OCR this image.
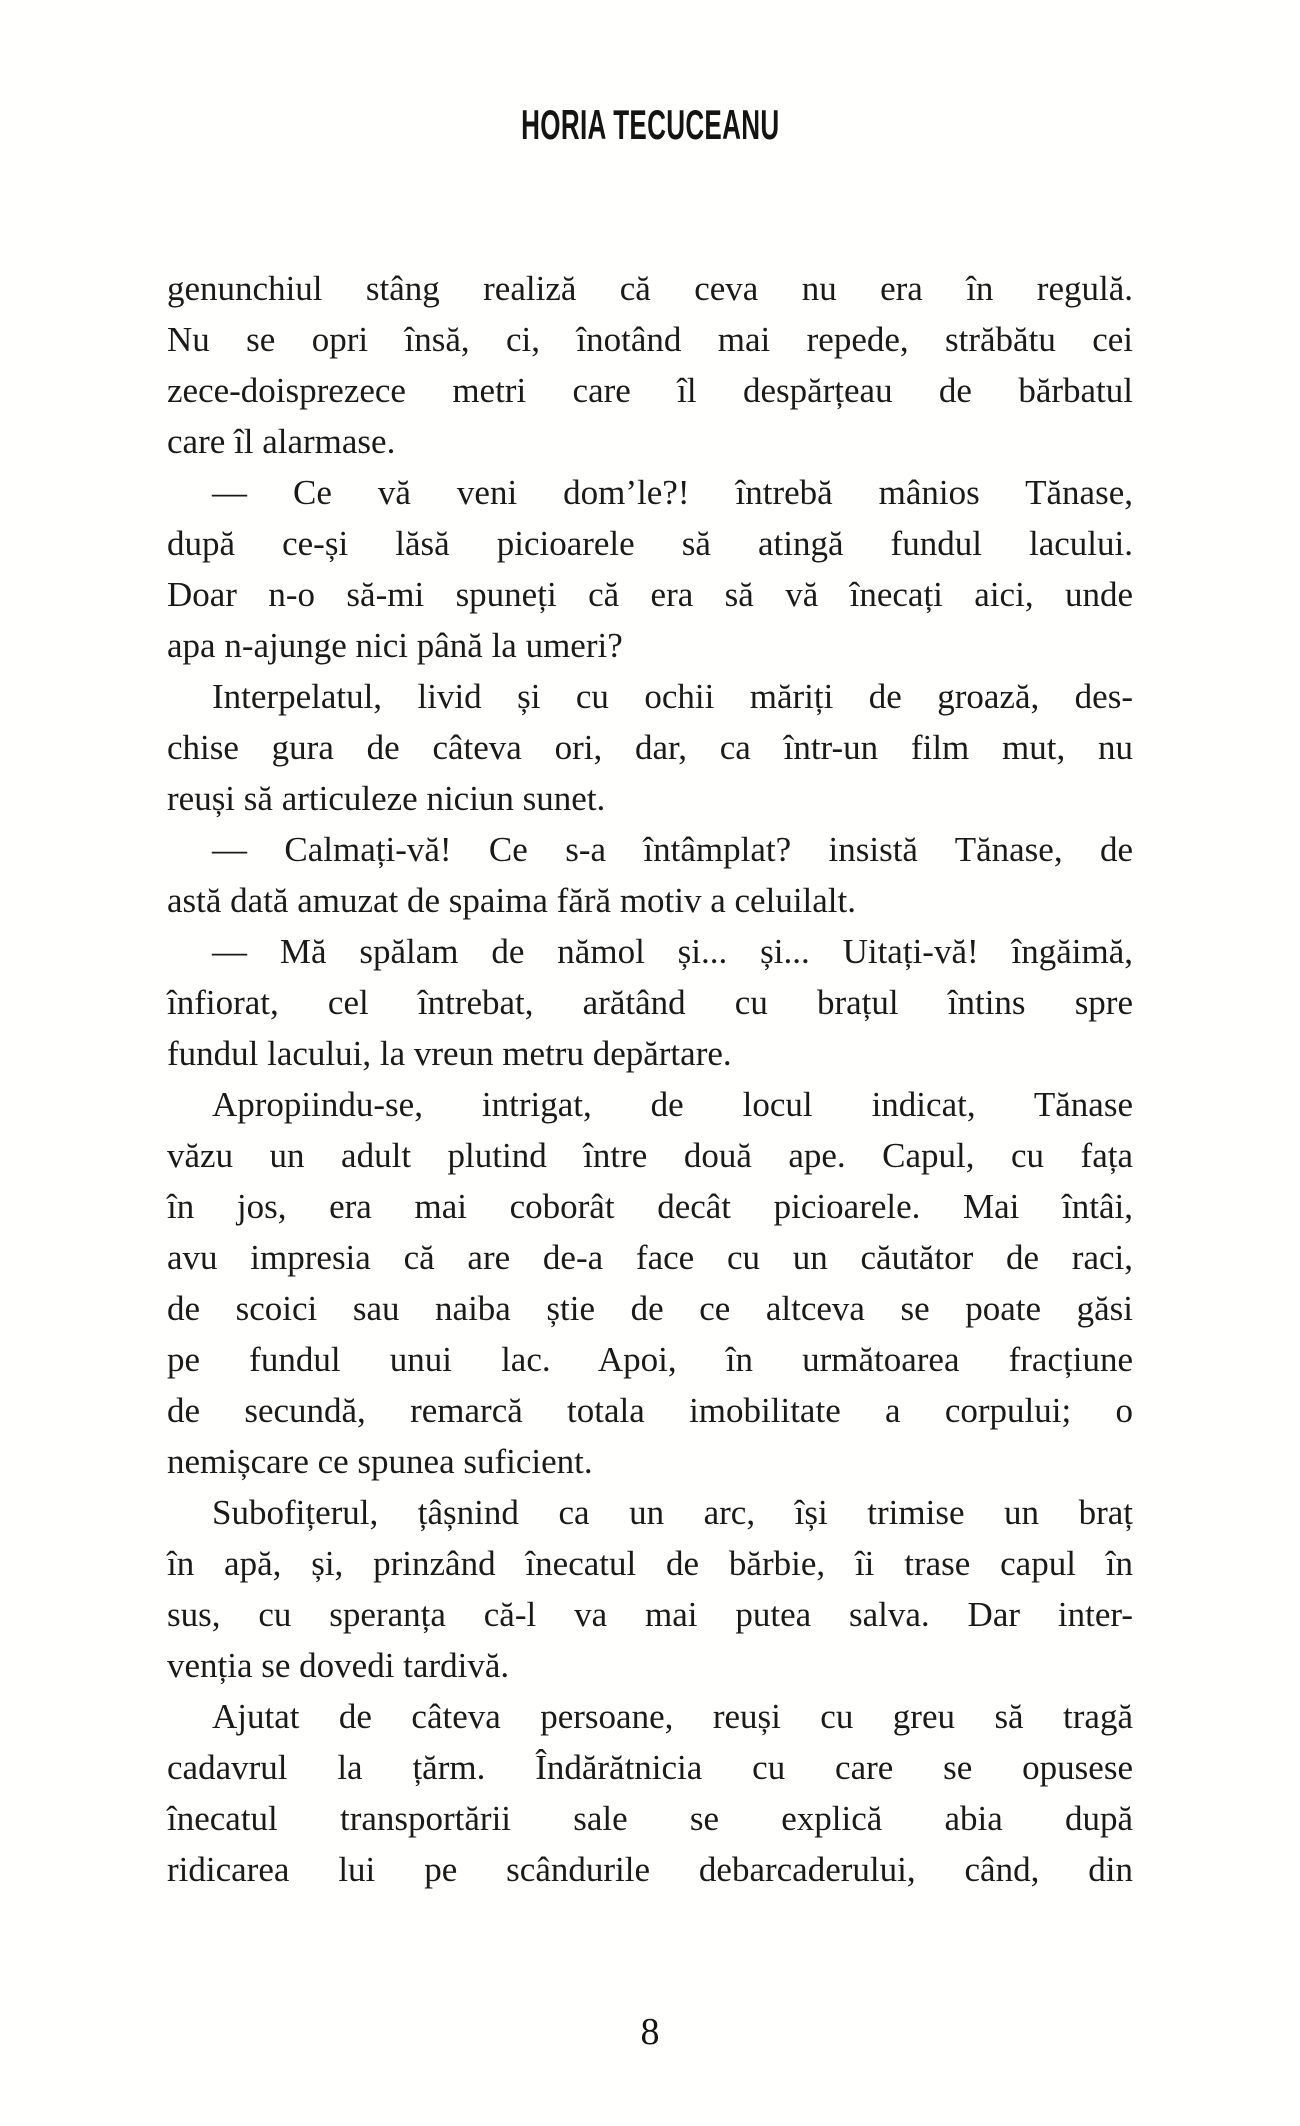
HORIA TECUCEANU
genunchiul stâng realiză că ceva nu era în regulă.
Nu se opri însă, ci, înotând mai repede, străbătu cei
zece-doisprezece metri care îl despărțeau de bărbatul
care îl alarmase.
— Ce vă veni dom’le?! întrebă mânios Tănase,
după ce-și lăsă picioarele să atingă fundul lacului.
Doar n-o să-mi spuneți că era să vă înecați aici, unde
apa n-ajunge nici până la umeri?
Interpelatul, livid și cu ochii măriți de groază, des-
chise gura de câteva ori, dar, ca într-un film mut, nu
reuși să articuleze niciun sunet.
— Calmați-vă! Ce s-a întâmplat? insistă Tănase, de
astă dată amuzat de spaima fără motiv a celuilalt.
— Mă spălam de nămol și... și... Uitați-vă! îngăimă,
înfiorat, cel întrebat, arătând cu brațul întins spre
fundul lacului, la vreun metru depărtare.
Apropiindu-se, intrigat, de locul indicat, Tănase
văzu un adult plutind între două ape. Capul, cu fața
în jos, era mai coborât decât picioarele. Mai întâi,
avu impresia că are de-a face cu un căutător de raci,
de scoici sau naiba știe de ce altceva se poate găsi
pe fundul unui lac. Apoi, în următoarea fracțiune
de secundă, remarcă totala imobilitate a corpului; o
nemișcare ce spunea suficient.
Subofițerul, țâșnind ca un arc, își trimise un braț
în apă, și, prinzând înecatul de bărbie, îi trase capul în
sus, cu speranța că-l va mai putea salva. Dar inter-
venția se dovedi tardivă.
Ajutat de câteva persoane, reuși cu greu să tragă
cadavrul la țărm. Îndărătnicia cu care se opusese
înecatul transportării sale se explică abia după
ridicarea lui pe scândurile debarcaderului, când, din
8
